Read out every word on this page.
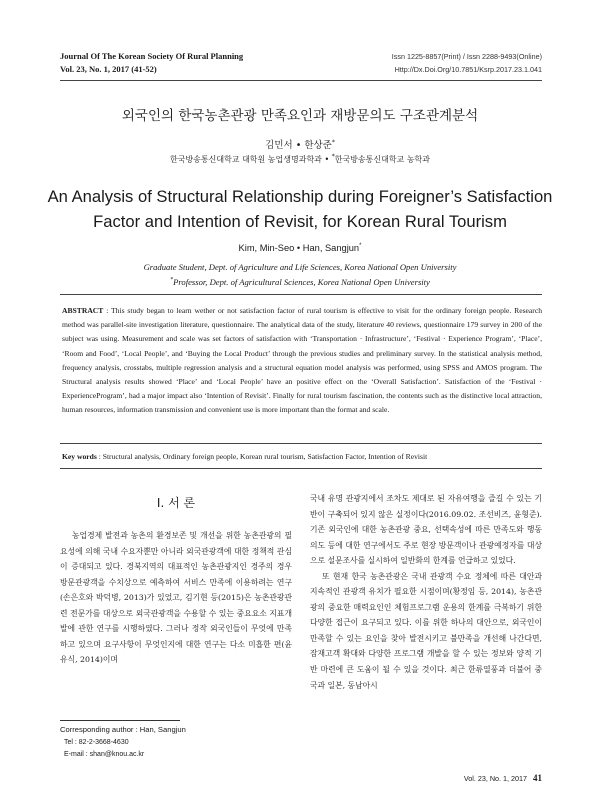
Journal Of The Korean Society Of Rural Planning
Vol. 23, No. 1, 2017 (41-52)
Issn 1225-8857(Print) / Issn 2288-9493(Online)
Http://Dx.Doi.Org/10.7851/Ksrp.2017.23.1.041
외국인의 한국농촌관광 만족요인과 재방문의도 구조관계분석
김민서 • 한상준*
한국방송통신대학교 대학원 농업생명과학과 • *한국방송통신대학교 농학과
An Analysis of Structural Relationship during Foreigner’s Satisfaction
Factor and Intention of Revisit, for Korean Rural Tourism
Kim, Min-Seo • Han, Sangjun*
Graduate Student, Dept. of Agriculture and Life Sciences, Korea National Open University
*Professor, Dept. of Agricultural Sciences, Korea National Open University
ABSTRACT : This study began to learn wether or not satisfaction factor of rural tourism is effective to visit for the ordinary foreign people. Research method was parallel-site investigation literature, questionnaire. The analytical data of the study, literature 40 reviews, questionnaire 179 survey in 200 of the subject was using. Measurement and scale was set factors of satisfaction with ‘Transportation · Infrastructure’, ‘Festival · Experience Program’, ‘Place’, ‘Room and Food’, ‘Local People’, and ‘Buying the Local Product’ through the previous studies and preliminary survey. In the statistical analysis method, frequency analysis, crosstabs, multiple regression analysis and a structural equation model analysis was performed, using SPSS and AMOS program. The Structural analysis results showed ‘Place’ and ‘Local People’ have an positive effect on the ‘Overall Satisfaction’. Satisfaction of the ‘Festival · ExperienceProgram’, had a major impact also ‘Intention of Revisit’. Finally for rural tourism fascination, the contents such as the distinctive local attraction, human resources, information transmission and convenient use is more important than the format and scale.
Key words : Structural analysis, Ordinary foreign people, Korean rural tourism, Satisfaction Factor, Intention of Revisit
Ⅰ. 서 론

농업경제 발전과 농촌의 환경보존 및 개선을 위한 농촌관광의 필요성에 의해 국내 수요자뿐만 아니라 외국관광객에 대한 정책적 관심이 증대되고 있다. 경북지역의 대표적인 농촌관광지인 경주의 경우 방문관광객을 수치상으로 예측하여 서비스 만족에 이용하려는 연구(손은호와 박덕병, 2013)가 있었고, 김기현 등(2015)은 농촌관광관련 전문가를 대상으로 외국관광객을 수용할 수 있는 중요요소 지표개발에 관한 연구를 시행하였다. 그러나 정작 외국인들이 무엇에 만족하고 있으며 요구사항이 무엇인지에 대한 연구는 다소 미흡한 편(윤유식, 2014)이며

국내 유명 관광지에서 조차도 제대로 된 자유여행을 즐길 수 있는 기반이 구축되어 있지 않은 실정이다(2016.09.02. 조선비즈, 윤형준). 기존 외국인에 대한 농촌관광 중요, 선택속성에 따른 만족도와 행동의도 등에 대한 연구에서도 주로 현장 방문객이나 관광예정자를 대상으로 설문조사를 실시하여 일반화의 한계를 언급하고 있었다.

또 현재 한국 농촌관광은 국내 관광객 수요 정체에 따른 대안과 지속적인 관광객 유치가 필요한 시점이며(황정임 등, 2014), 농촌관광의 중요한 매력요인인 체험프로그램 운용의 한계를 극복하기 위한 다양한 접근이 요구되고 있다. 이를 위한 하나의 대안으로, 외국인이 만족할 수 있는 요인을 찾아 발전시키고 불만족을 개선해 나간다면, 잠재고객 확대와 다양한 프로그램 개발을 할 수 있는 정보와 양적 기반 마련에 큰 도움이 될 수 있을 것이다. 최근 한류열풍과 더불어 중국과 일본, 동남아시

Corresponding author : Han, Sangjun
Tel : 82-2-3668-4630
E-mail : shan@knou.ac.kr
Vol. 23, No. 1, 2017 41
